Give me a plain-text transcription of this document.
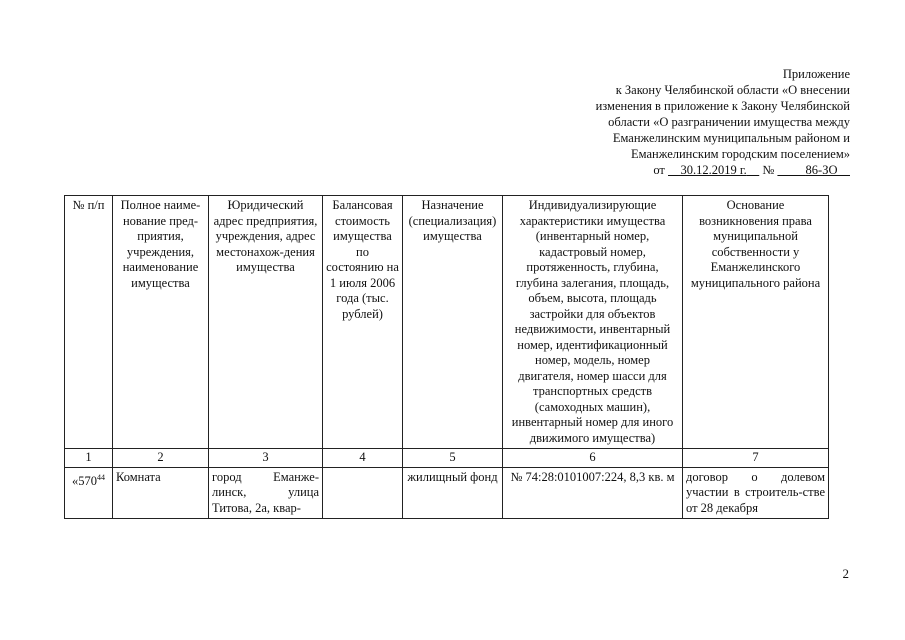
Приложение
к Закону Челябинской области «О внесении
изменения в приложение к Закону Челябинской
области «О разграничении имущества между
Еманжелинским муниципальным районом и
Еманжелинским городским поселением»
от 30.12.2019 г. №	86-ЗО
№ п/п	Полное наиме-нование пред-приятия, учреждения, наименование имущества	Юридический адрес предприятия, учреждения, адрес местонахож-дения имущества	Балансовая стоимость имущества по состоянию на 1 июля 2006 года (тыс. рублей)	Назначение (специализация) имущества	Индивидуализирующие характеристики имущества (инвентарный номер, кадастровый номер, протяженность, глубина, глубина залегания, площадь, объем, высота, площадь застройки для объектов недвижимости, инвентарный номер, идентификационный номер, модель, номер двигателя, номер шасси для транспортных средств (самоходных машин), инвентарный номер для иного движимого имущества)	Основание возникновения права муниципальной собственности у Еманжелинского муниципального района
1	2	3	4	5	6	7
«$570^{44}$	Комната	город Еманже-линск, улица Титова, 2а, квар-		жилищный фонд	№ 74:28:0101007:224, 8,3 кв. м	договор о долевом участии в строитель-стве от 28 декабря
2
